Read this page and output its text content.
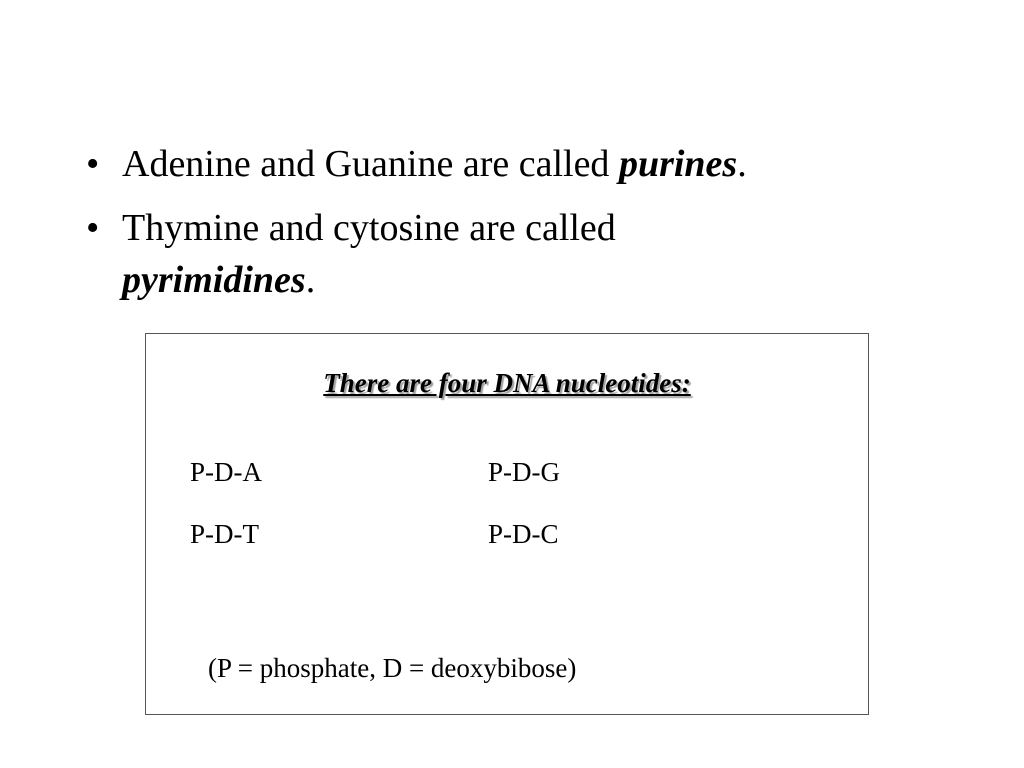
• Adenine and Guanine are called purines.
• Thymine and cytosine are called
pyrimidines.
There are four DNA nucleotides:
P-D-A	P-D-G
P-D-T	P-D-C
(P = phosphate, D = deoxybibose)
